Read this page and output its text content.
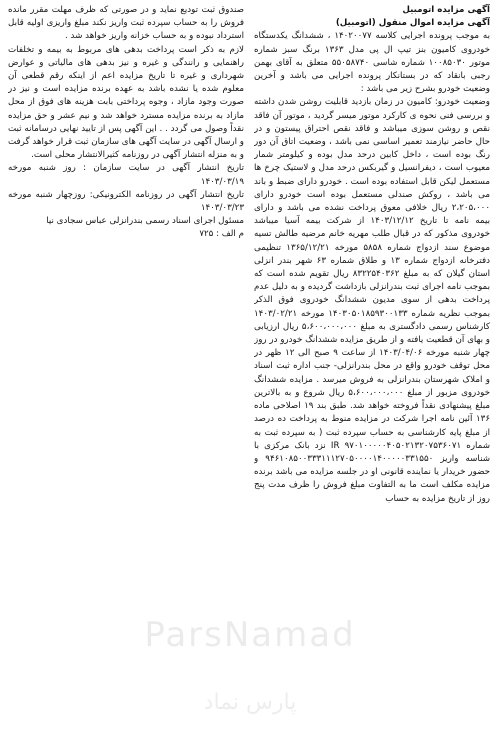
آگهی مزایده اتومبیل
آگهی مزایده اموال منقول (اتومبیل)
به موجب پرونده اجرایی کلاسه ۱۴۰۲۰۰۷۷ ، ششدانگ یکدستگاه خودروی کامیون بنز تیپ ال پی مدل ۱۳۶۳ برنگ سبز شماره موتور ۱۰۰۸۵۰۳۰ شماره شاسی ۵۵۰۵۸۷۴۰ متعلق به آقای بهمن رجبی بانقاد که در بستانکار پرونده اجرایی می باشد و آخرین وضعیت خودرو بشرح زیر می باشد :
وضعیت خودرو: کامیون در زمان بازدید قابلیت روشن شدن داشته و بررسی فنی نحوه ی کارکرد موتور میسر گردید ، موتور آن فاقد نقص و روشن سوزی میباشد و فاقد نقص احتراق پیستون و در حال حاضر نیازمند تعمیر اساسی نمی باشد ، وضعیت اتاق آن دور رنگ بوده است ، داخل کابین درحد مدل بوده و کیلومتر شمار معیوب است ، دیفرانسیل و گیربکس درحد مدل و لاستیک چرخ ها مستعمل لیکن قابل استفاده بوده است . خودرو دارای ضبط و باند می باشد ، روکش صندلی مستعمل بوده است خودرو دارای ۲،۲۰۵،۰۰۰ ریال خلافی معوق پرداخت نشده می باشد و دارای بیمه نامه تا تاریخ ۱۴۰۳/۱۲/۱۲ از شرکت بیمه آسیا میباشد خودروی مذکور که در قبال طلب مهریه خانم مرضیه طالش تسیه موضوع سند ازدواج شماره ۵۸۵۸ مورخه ۱۳۶۵/۱۲/۲۱ تنظیمی دفترخانه ازدواج شماره ۱۳ و طلاق شماره ۶۳ شهر بندر انزلی استان گیلان که به مبلغ ۸۳۲۲۵۴۰۳۶۲ ریال تقویم شده است که بموجب نامه اجرای ثبت بندرانزلی بازداشت گردیده و به دلیل عدم پرداخت بدهی از سوی مدیون ششدانگ خودروی فوق الذکر بموجب نظریه شماره ۱۴۰۳۰۵۰۱۸۵۹۳۰۰۱۳۳ مورخه ۱۴۰۳/۰۲/۲۱ کارشناس رسمی دادگستری به مبلغ ۵،۶۰۰،۰۰۰،۰۰۰ ریال ارزیابی و بهای آن قطعیت یافته و از طریق مزایده ششدانگ خودرو در روز چهار شنبه مورخه ۱۴۰۳/۰۴/۰۶ از ساعت ۹ صبح الی ۱۲ ظهر در محل توقف خودرو واقع در محل بندرانزلی- جنب اداره ثبت اسناد و املاک شهرستان بندرانزلی به فروش میرسد . مزایده ششدانگ خودروی مزبور از مبلغ ۵،۶۰۰،۰۰۰،۰۰۰ ریال شروع و به بالاترین مبلغ پیشنهادی نقداً فروخته خواهد شد. طبق بند ۱۹ اصلاحی ماده ۱۳۶ آئین نامه اجرا شرکت در مزایده منوط به پرداخت ده درصد از مبلغ پایه کارشناسی به حساب سپرده ثبت ( به سپرده ثبت به شماره IR ۹۷۰۱۰۰۰۰۰۴۰۵۰۲۱۳۲۰۷۵۳۶۰۷۱ نزد بانک مرکزی با شناسه واریز ۹۴۶۱۰۸۵۰۰۳۳۳۱۱۱۲۷۰۵۰۰۰۰۱۴۰۰۰۰۰۳۳۱۵۵۰ و حضور خریدار یا نماینده قانونی او در جلسه مزایده می باشد برنده مزایده مکلف است ما به التفاوت مبلغ فروش را ظرف مدت پنج روز از تاریخ مزایده به حساب
صندوق ثبت تودیع نماید و در صورتی که ظرف مهلت مقرر مانده فروش را به حساب سپرده ثبت واریز نکند مبلغ واریزی اولیه قابل استرداد نبوده و به حساب خزانه واریز خواهد شد .
لازم به ذکر است پرداخت بدهی های مربوط به بیمه و تخلفات راهنمایی و رانندگی و غیره و نیز بدهی های مالیاتی و عوارض شهرداری و غیره تا تاریخ مزایده اعم از اینکه رقم قطعی آن معلوم شده یا نشده باشد به عهده برنده مزایده است و نیز در صورت وجود مازاد ، وجوه پرداختی بابت هزینه های فوق از محل مازاد به برنده مزایده مسترد خواهد شد و نیم عشر و حق مزایده نقداً وصول می گردد . . این آگهی پس از تایید نهایی درسامانه ثبت و ارسال آگهی در سایت آگهی های سازمان ثبت قرار خواهد گرفت و به منزله انتشار آگهی در روزنامه کثیرالانتشار محلی است.
تاریخ انتشار آگهی در سایت سازمان : روز شنبه مورخه ۱۴۰۳/۰۳/۱۹
تاریخ انتشار آگهی در روزنامه الکترونیکی: روزچهار شنبه مورخه ۱۴۰۳/۰۳/۲۳
مسئول اجرای اسناد رسمی بندرانزلی عباس سجادی نیا
م الف : ۷۲۵
ParsNamad
پارس نماد
